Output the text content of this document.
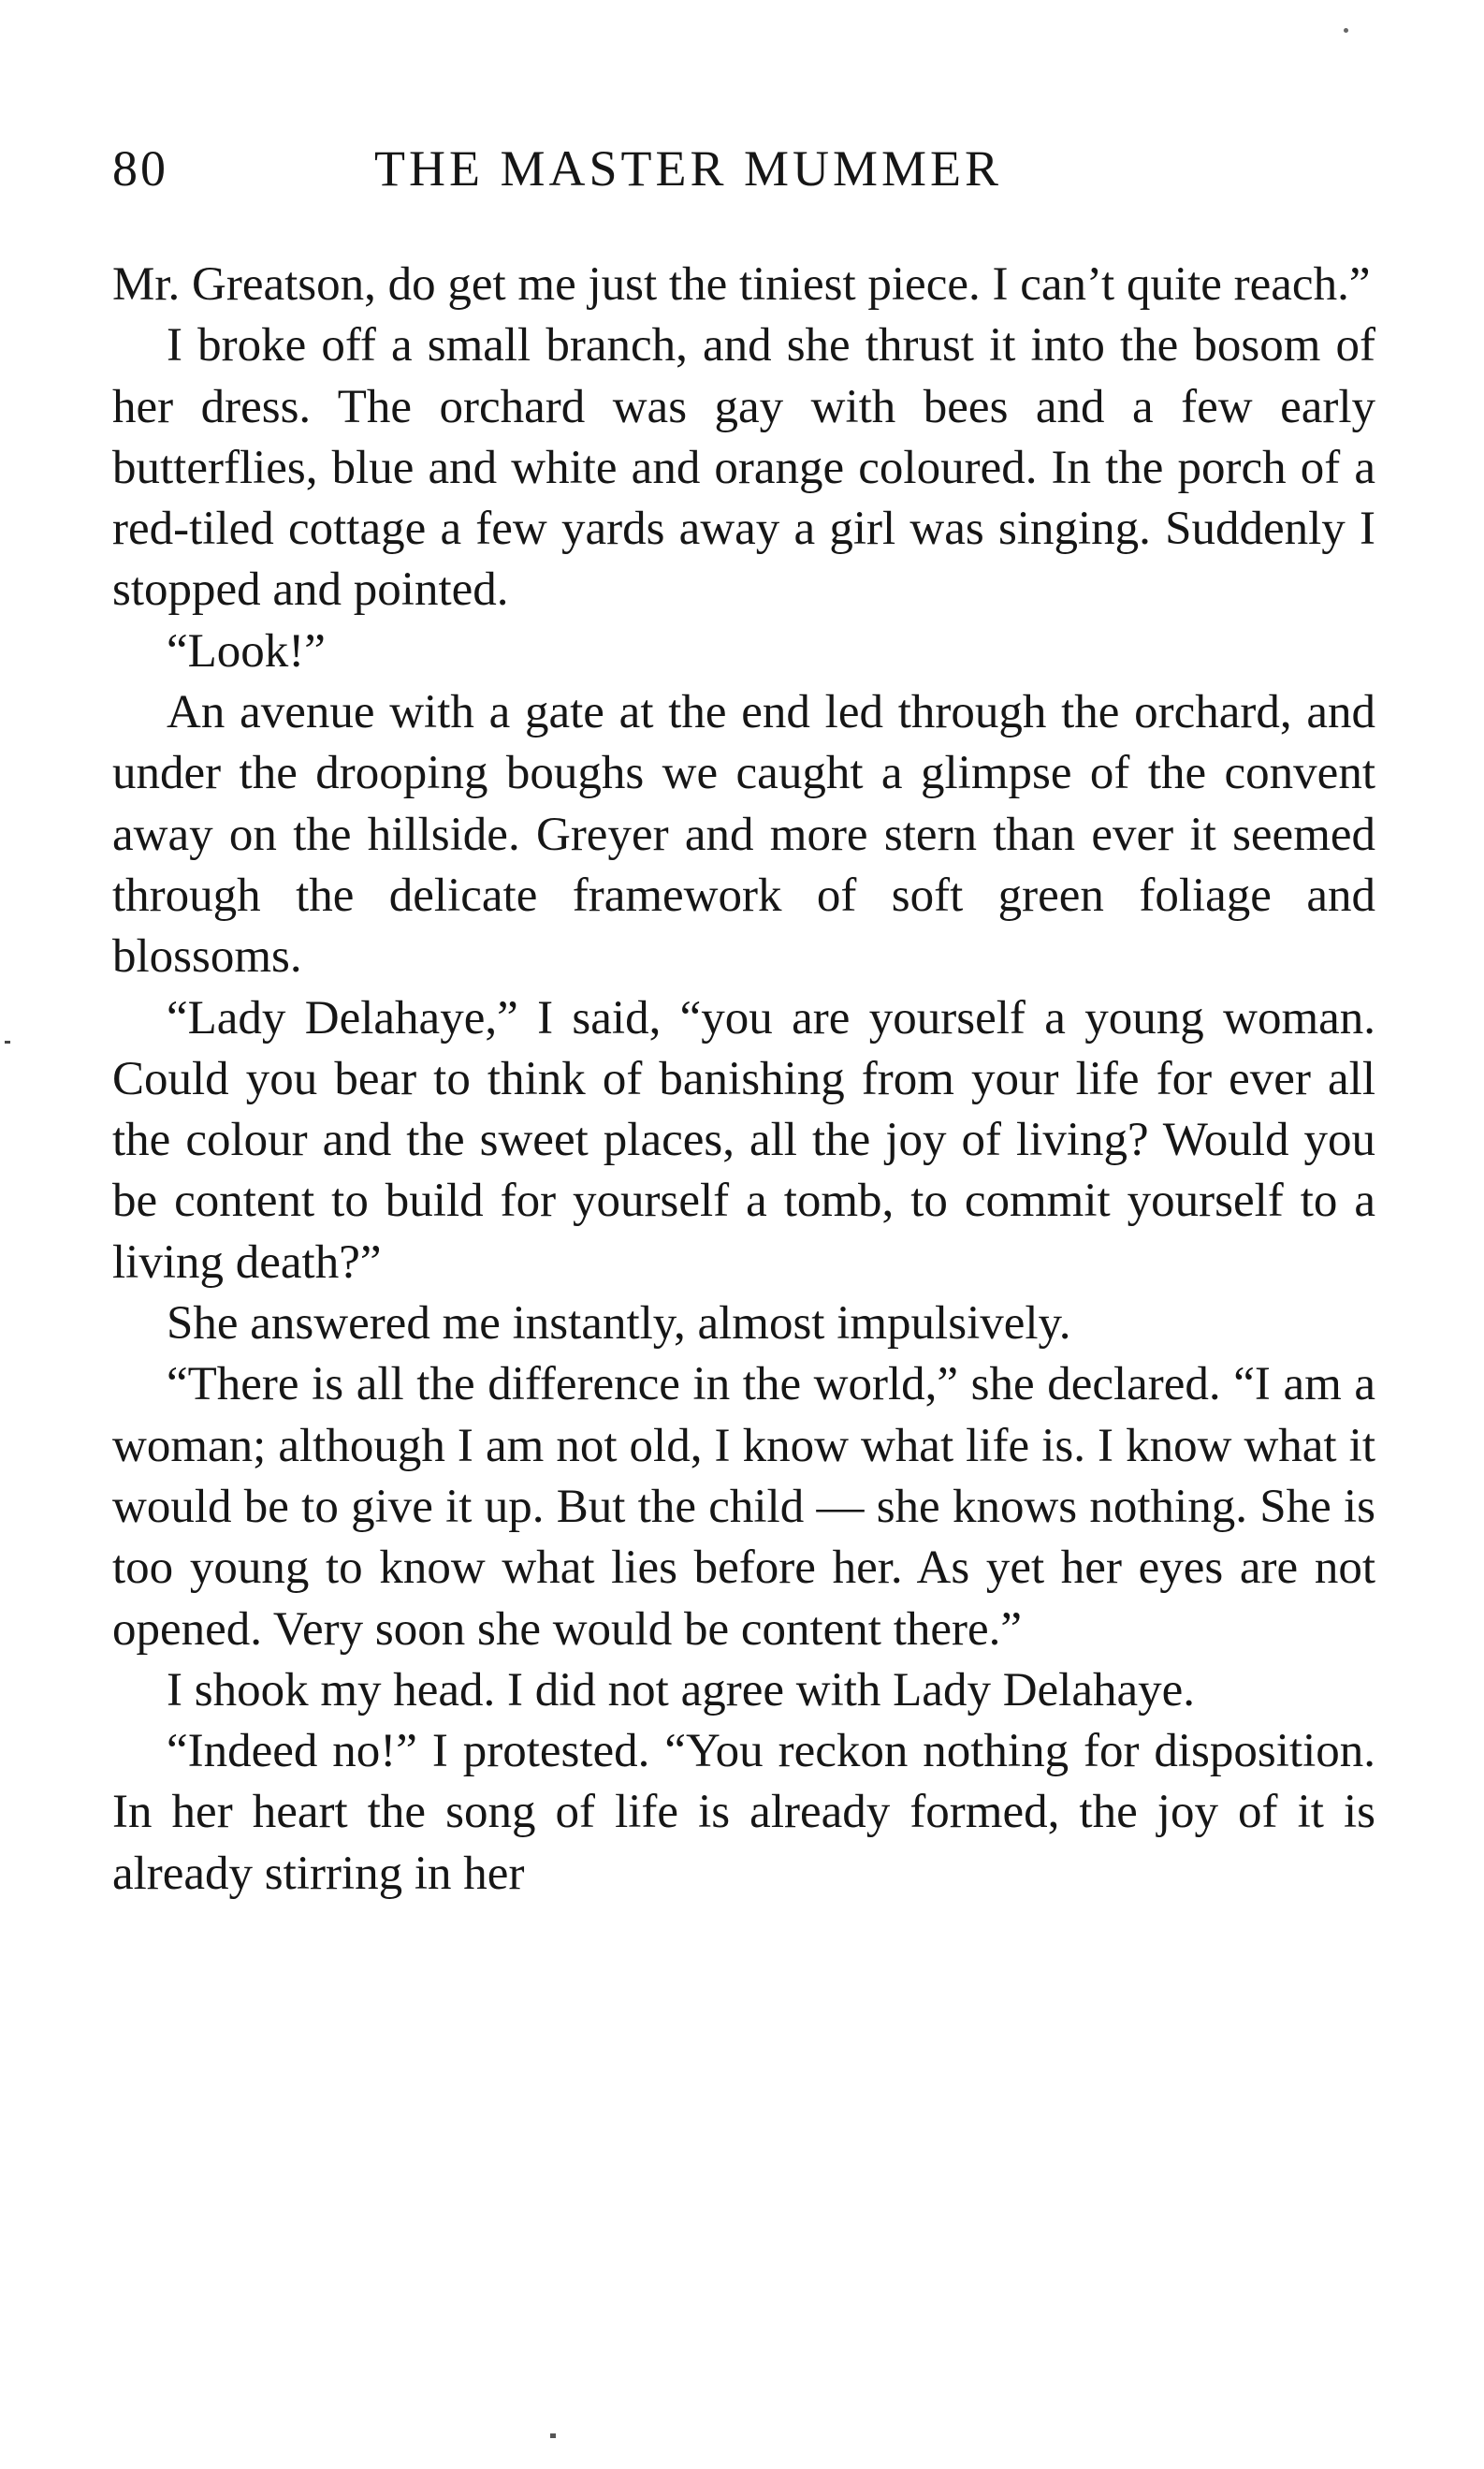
80	THE MASTER MUMMER

Mr. Greatson, do get me just the tiniest piece. I can’t quite reach.”

I broke off a small branch, and she thrust it into the bosom of her dress. The orchard was gay with bees and a few early butterflies, blue and white and orange coloured. In the porch of a red-tiled cottage a few yards away a girl was singing. Suddenly I stopped and pointed.

“Look!”

An avenue with a gate at the end led through the orchard, and under the drooping boughs we caught a glimpse of the convent away on the hillside. Greyer and more stern than ever it seemed through the delicate framework of soft green foliage and blossoms.

“Lady Delahaye,” I said, “you are yourself a young woman. Could you bear to think of banishing from your life for ever all the colour and the sweet places, all the joy of living? Would you be content to build for yourself a tomb, to commit yourself to a living death?”

She answered me instantly, almost impulsively.

“There is all the difference in the world,” she declared. “I am a woman; although I am not old, I know what life is. I know what it would be to give it up. But the child — she knows nothing. She is too young to know what lies before her. As yet her eyes are not opened. Very soon she would be content there.”

I shook my head. I did not agree with Lady Delahaye.

“Indeed no!” I protested. “You reckon nothing for disposition. In her heart the song of life is already formed, the joy of it is already stirring in her
